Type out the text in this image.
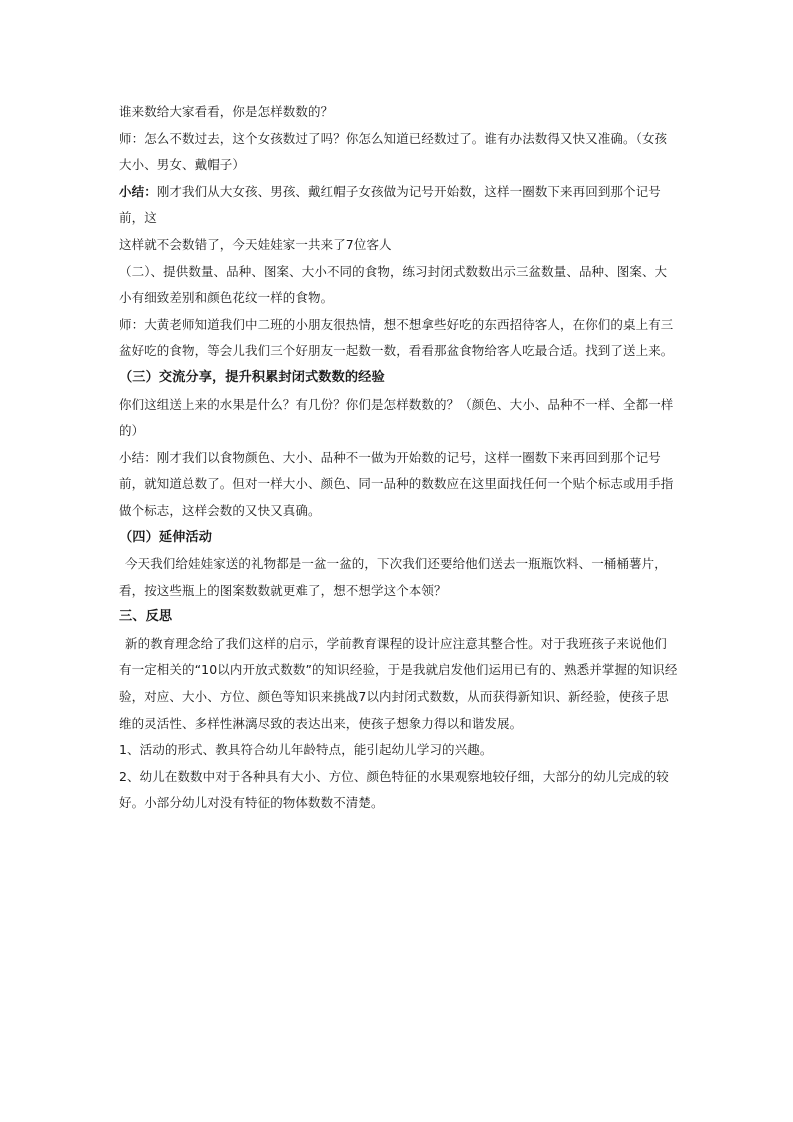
谁来数给大家看看，你是怎样数数的？

师：怎么不数过去，这个女孩数过了吗？你怎么知道已经数过了。谁有办法数得又快又准确。（女孩大小、男女、戴帽子）

小结：刚才我们从大女孩、男孩、戴红帽子女孩做为记号开始数，这样一圈数下来再回到那个记号前，这

这样就不会数错了，今天娃娃家一共来了7位客人

（二）、提供数量、品种、图案、大小不同的食物，练习封闭式数数出示三盆数量、品种、图案、大小有细致差别和颜色花纹一样的食物。

师：大黄老师知道我们中二班的小朋友很热情，想不想拿些好吃的东西招待客人，在你们的桌上有三盆好吃的食物，等会儿我们三个好朋友一起数一数，看看那盆食物给客人吃最合适。找到了送上来。

（三）交流分享，提升积累封闭式数数的经验

你们这组送上来的水果是什么？有几份？你们是怎样数数的？（颜色、大小、品种不一样、全都一样的）

小结：刚才我们以食物颜色、大小、品种不一做为开始数的记号，这样一圈数下来再回到那个记号前，就知道总数了。但对一样大小、颜色、同一品种的数数应在这里面找任何一个贴个标志或用手指做个标志，这样会数的又快又真确。

（四）延伸活动

今天我们给娃娃家送的礼物都是一盆一盆的，下次我们还要给他们送去一瓶瓶饮料、一桶桶薯片，看，按这些瓶上的图案数数就更难了，想不想学这个本领？

三、反思

新的教育理念给了我们这样的启示，学前教育课程的设计应注意其整合性。对于我班孩子来说他们有一定相关的“10以内开放式数数”的知识经验，于是我就启发他们运用已有的、熟悉并掌握的知识经验，对应、大小、方位、颜色等知识来挑战7以内封闭式数数，从而获得新知识、新经验，使孩子思维的灵活性、多样性淋漓尽致的表达出来，使孩子想象力得以和谐发展。

1、活动的形式、教具符合幼儿年龄特点，能引起幼儿学习的兴趣。

2、幼儿在数数中对于各种具有大小、方位、颜色特征的水果观察地较仔细，大部分的幼儿完成的较好。小部分幼儿对没有特征的物体数数不清楚。
